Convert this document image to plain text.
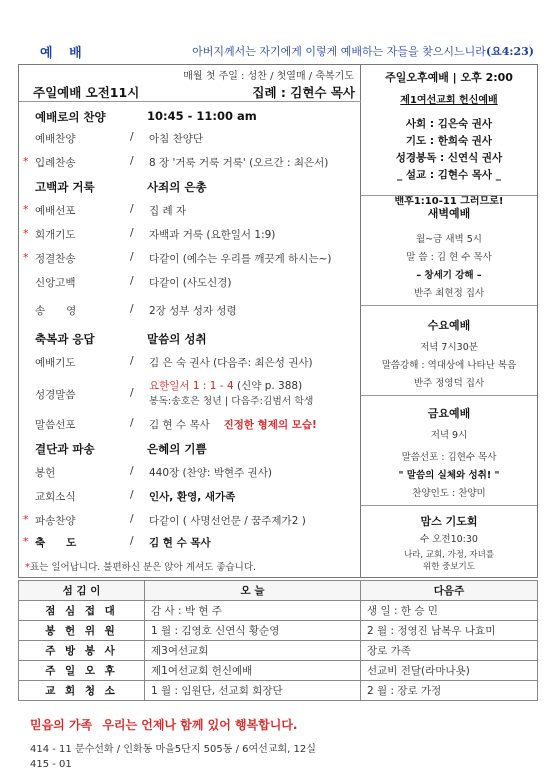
예 배	아버지께서는 자기에게 이렇게 예배하는 자들을 찾으시느니라(요4:23)
매월 첫 주일 : 성찬 / 첫열매 / 축복기도
주일예배 오전11시	집례 : 김현수 목사
예배로의 찬양	10:45 - 11:00 am
예배찬양	/ 아침 찬양단
* 입례찬송	/ 8 장 '거룩 거룩 거룩' (오르간 : 최은서)
고백과 거룩	사죄의 은총
* 예배선포	/ 집 례 자
* 회개기도	/ 자백과 거룩 (요한일서 1:9)
* 정결찬송	/ 다같이 (예수는 우리를 깨끗게 하시는~)
신앙고백	/ 다같이 (사도신경)
송　　영	/ 2장 성부 성자 성령
축복과 응답	말씀의 성취
예배기도	/ 김 은 숙 권사 (다음주: 최은성 권사)
성경말씀	/
요한일서 1 : 1 - 4 (신약 p. 388)
봉독:송호은 청년 | 다음주:김범서 학생
말씀선포	/ 김 현 수 목사　 진정한 형제의 모습!
결단과 파송	은혜의 기쁨
봉헌	/ 440장 (찬양: 박현주 권사)
교회소식	/ 인사, 환영, 새가족
* 파송찬양	/ 다같이 ( 사명선언문 / 꿈주제가2 )
* 축　　도	/ 김 현 수 목사
*표는 일어납니다. 불편하신 분은 앉아 계셔도 좋습니다.
주일오후예배 | 오후 2:00
제1여선교회 헌신예배
사회 : 김은숙 권사
기도 : 한희숙 권사
성경봉독 : 신연식 권사
_ 설교 : 김현수 목사 _
밴후1:10-11 그러므로!
새벽예배
월~금 새벽 5시
말 씀 : 김 현 수 목사
– 창세기 강해 –
반주 최현정 집사
수요예배
저녁 7시30분
말씀강해 : 역대상에 나타난 복음
반주 정영덕 집사
금요예배
저녁 9시
말씀선포 : 김현수 목사
" 말씀의 실체와 성취! "
찬양인도 : 찬양미
맘스 기도회
수 오전10:30
나라, 교회, 가정, 자녀를
위한 중보기도
섬 김 이	오 늘	다음주
점 심 접 대	감 사 : 박 현 주	생 일 : 한 승 민
봉 헌 위 원	1 월 : 김영호 신연식 황순영	2 월 : 정영진 남복우 나효미
주 방 봉 사	제3여선교회	장로 가족
주 일 오 후	제1여선교회 헌신예배	선교비 전달(라마나욧)
교 회 청 소	1 월 : 임원단, 선교회 회장단	2 월 : 장로 가정
믿음의 가족 우리는 언제나 함께 있어 행복합니다.
414 - 11 문수선화 / 인화동 마을5단지 505동 / 6여선교회, 12실
415 - 01
